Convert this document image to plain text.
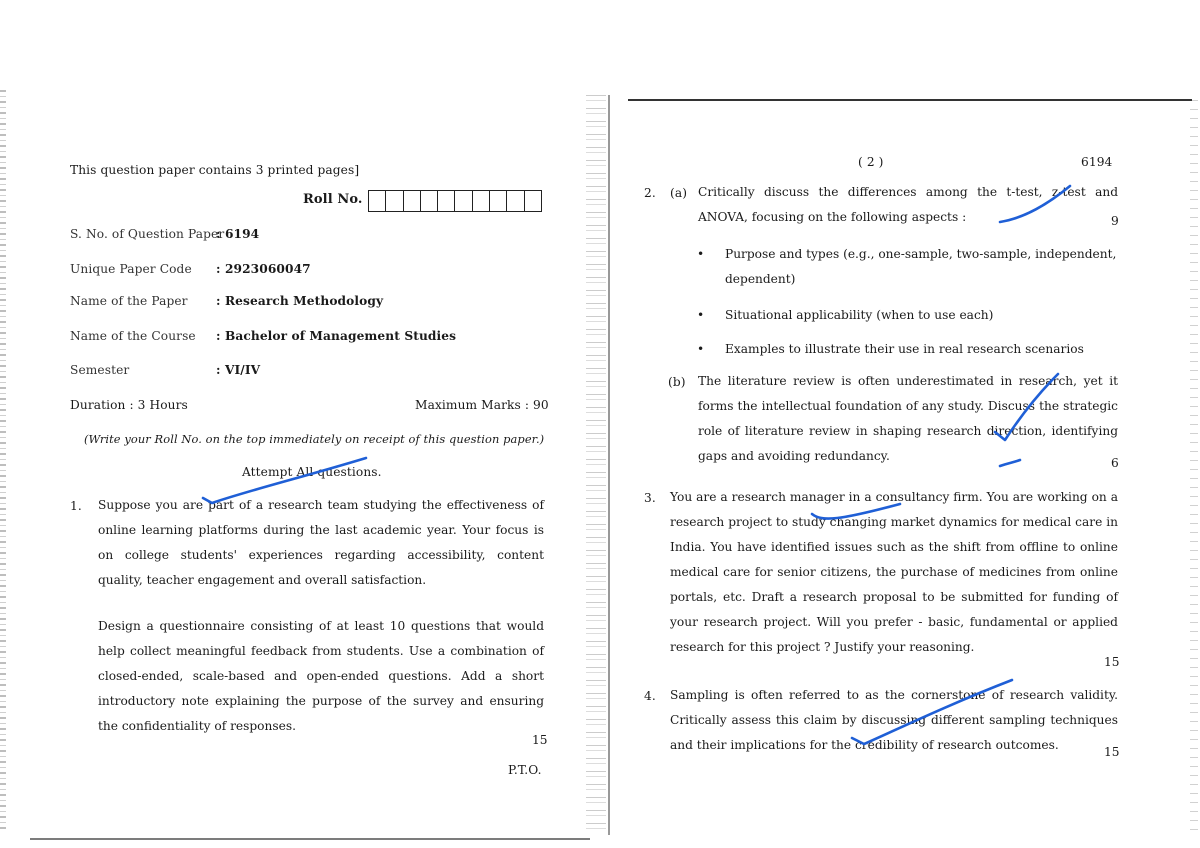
This question paper contains 3 printed pages]
Roll No.
S. No. of Question Paper
: 6194
Unique Paper Code : 2923060047
Name of the Paper : Research Methodology
Name of the Course : Bachelor of Management Studies
Semester	: VI/IV
Duration : 3 Hours	Maximum Marks : 90
(Write your Roll No. on the top immediately on receipt of this question paper.)
Attempt All questions.
1. Suppose you are part of a research team studying the effectiveness of online learning platforms during the last academic year. Your focus is on college students' experiences regarding accessibility, content quality, teacher engagement and overall satisfaction.
Design a questionnaire consisting of at least 10 questions that would help collect meaningful feedback from students. Use a combination of closed-ended, scale-based and open-ended questions. Add a short introductory note explaining the purpose of the survey and ensuring the confidentiality of responses.
15
P.T.O.
( 2 )	6194
2. (a) Critically discuss the differences among the t-test, z-test and ANOVA, focusing on the following aspects :	9
• Purpose and types (e.g., one-sample, two-sample, independent, dependent)
• Situational applicability (when to use each)
• Examples to illustrate their use in real research scenarios
(b) The literature review is often underestimated in research, yet it forms the intellectual foundation of any study. Discuss the strategic role of literature review in shaping research direction, identifying gaps and avoiding redundancy.	6
3. You are a research manager in a consultancy firm. You are working on a research project to study changing market dynamics for medical care in India. You have identified issues such as the shift from offline to online medical care for senior citizens, the purchase of medicines from online portals, etc. Draft a research proposal to be submitted for funding of your research project. Will you prefer - basic, fundamental or applied research for this project ? Justify your reasoning.
15
4. Sampling is often referred to as the cornerstone of research validity. Critically assess this claim by discussing different sampling techniques and their implications for the credibility of research outcomes.	15
